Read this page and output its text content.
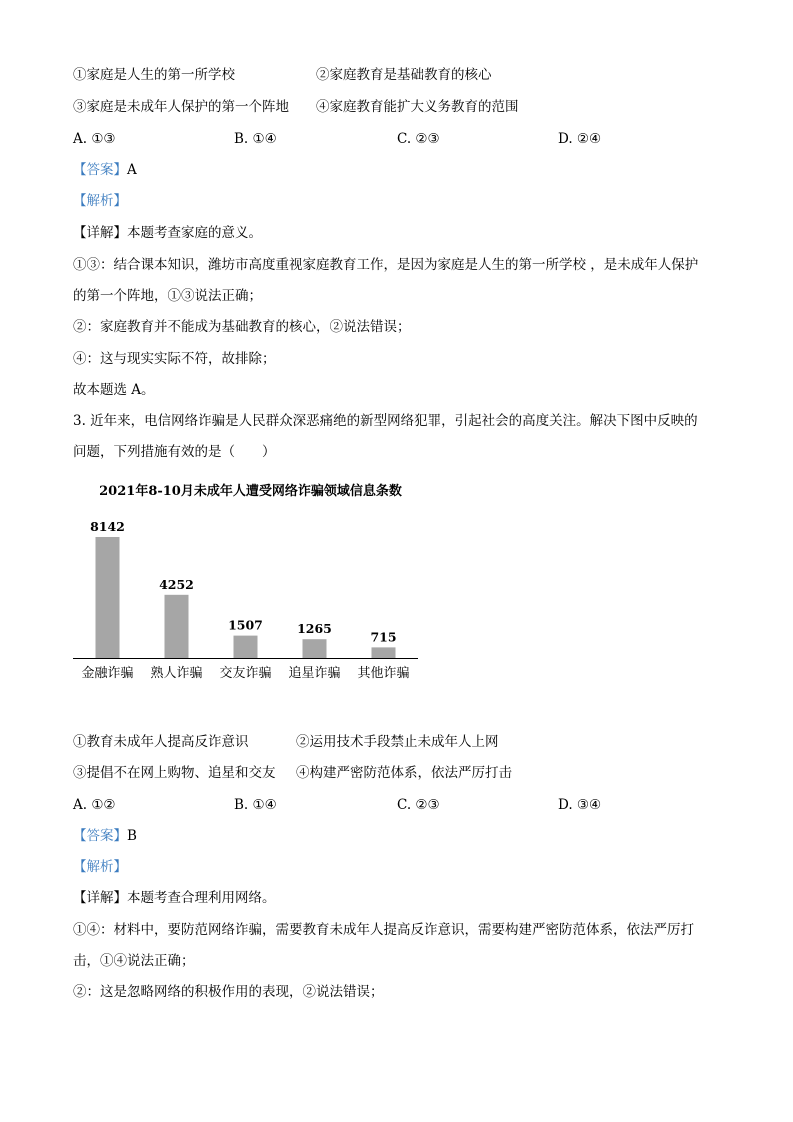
①家庭是人生的第一所学校	②家庭教育是基础教育的核心
③家庭是未成年人保护的第一个阵地 ④家庭教育能扩大义务教育的范围
A. ①③	B. ①④	C. ②③	D. ②④
【答案】A
【解析】
【详解】本题考查家庭的意义。
①③：结合课本知识，潍坊市高度重视家庭教育工作，是因为家庭是人生的第一所学校 ，是未成年人保护
的第一个阵地，①③说法正确；
②：家庭教育并不能成为基础教育的核心，②说法错误；
④：这与现实实际不符，故排除；
故本题选 A。
3. 近年来，电信网络诈骗是人民群众深恶痛绝的新型网络犯罪，引起社会的高度关注。解决下图中反映的
问题，下列措施有效的是（　　）
2021年8-10月未成年人遭受网络诈骗领域信息条数
8142
金融诈骗
4252
熟人诈骗
1507
交友诈骗
1265
追星诈骗
715
其他诈骗
①教育未成年人提高反诈意识	②运用技术手段禁止未成年人上网
③提倡不在网上购物、追星和交友 ④构建严密防范体系，依法严厉打击
A. ①②	B. ①④	C. ②③	D. ③④
【答案】B
【解析】
【详解】本题考查合理利用网络。
①④：材料中，要防范网络诈骗，需要教育未成年人提高反诈意识，需要构建严密防范体系，依法严厉打
击，①④说法正确；
②：这是忽略网络的积极作用的表现，②说法错误；
